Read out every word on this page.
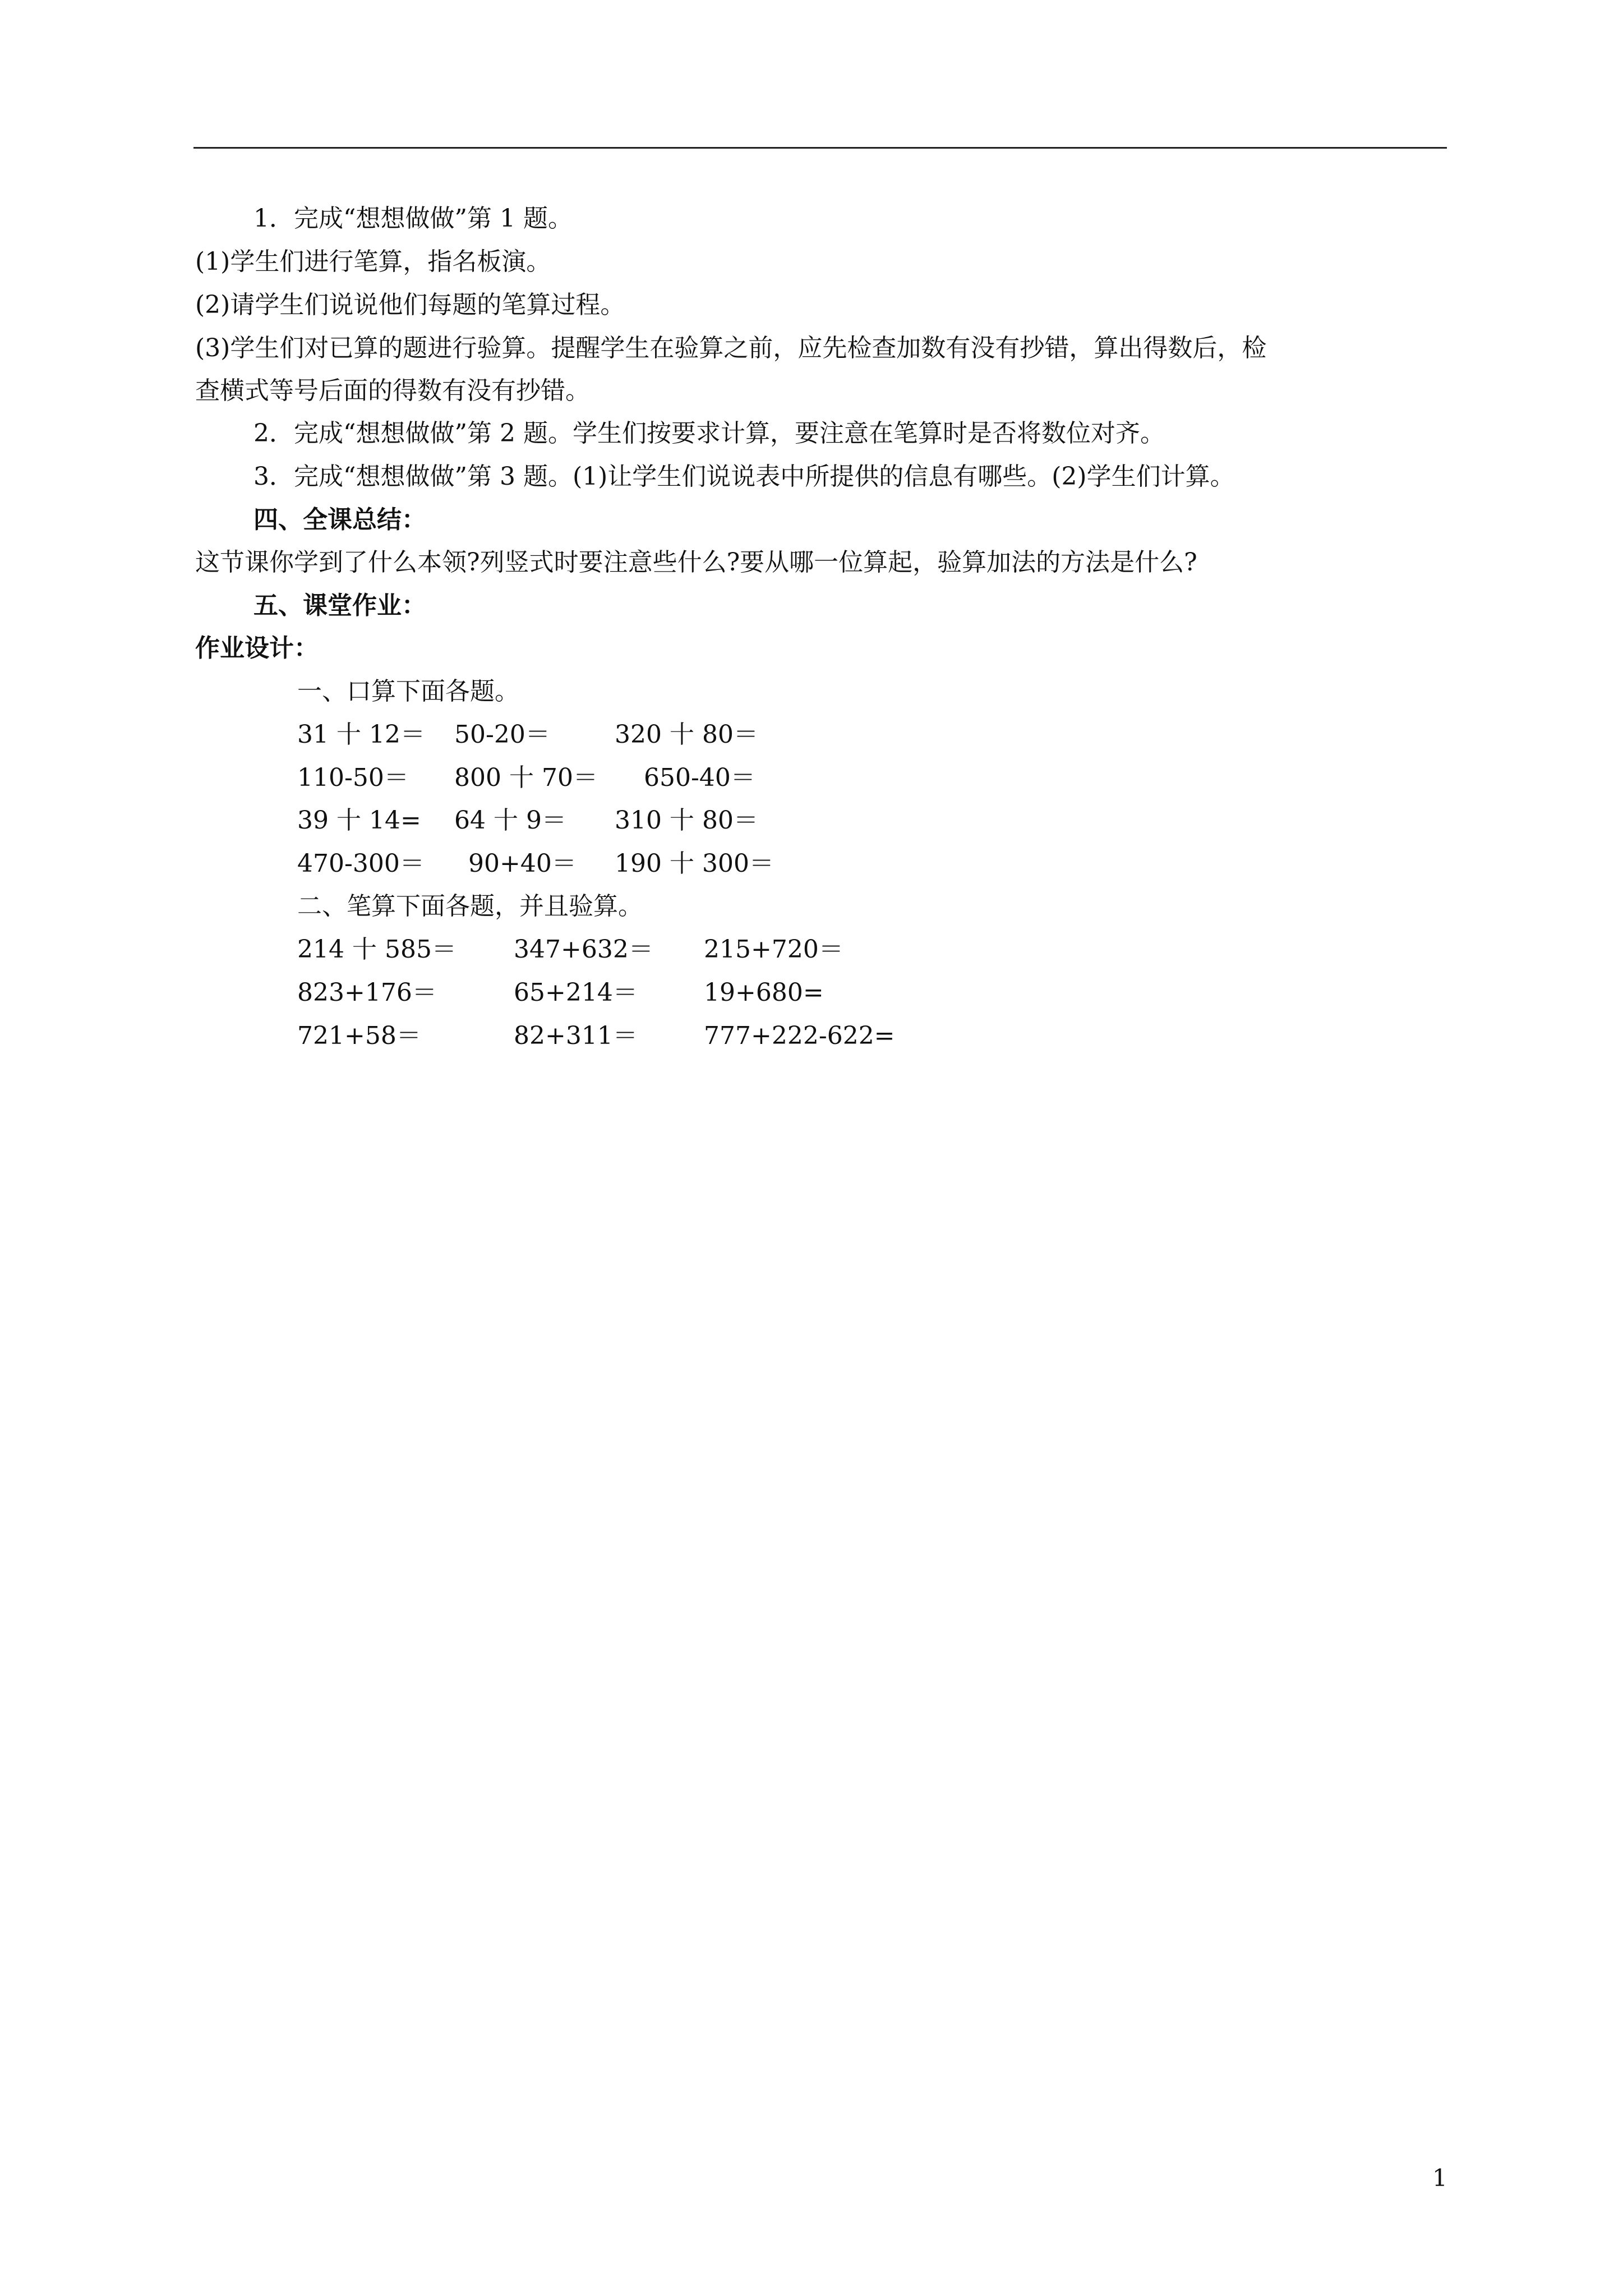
1．完成“想想做做”第 1 题。
(1)学生们进行笔算，指名板演。
(2)请学生们说说他们每题的笔算过程。
(3)学生们对已算的题进行验算。提醒学生在验算之前，应先检查加数有没有抄错，算出得数后，检
查横式等号后面的得数有没有抄错。
2．完成“想想做做”第 2 题。学生们按要求计算，要注意在笔算时是否将数位对齐。
3．完成“想想做做”第 3 题。(1)让学生们说说表中所提供的信息有哪些。(2)学生们计算。
四、全课总结：
这节课你学到了什么本领?列竖式时要注意些什么?要从哪一位算起，验算加法的方法是什么?
五、课堂作业：
作业设计：
一、口算下面各题。
31 十 12＝ 50-20＝	320 十 80＝
110-50＝ 800 十 70＝ 650-40＝
39 十 14= 64 十 9＝ 310 十 80＝
470-300＝ 90+40＝ 190 十 300＝
二、笔算下面各题，并且验算。
214 十 585＝ 347+632＝ 215+720＝
823+176＝	65+214＝	19+680=
721+58＝	82+311＝	777+222-622=
1
